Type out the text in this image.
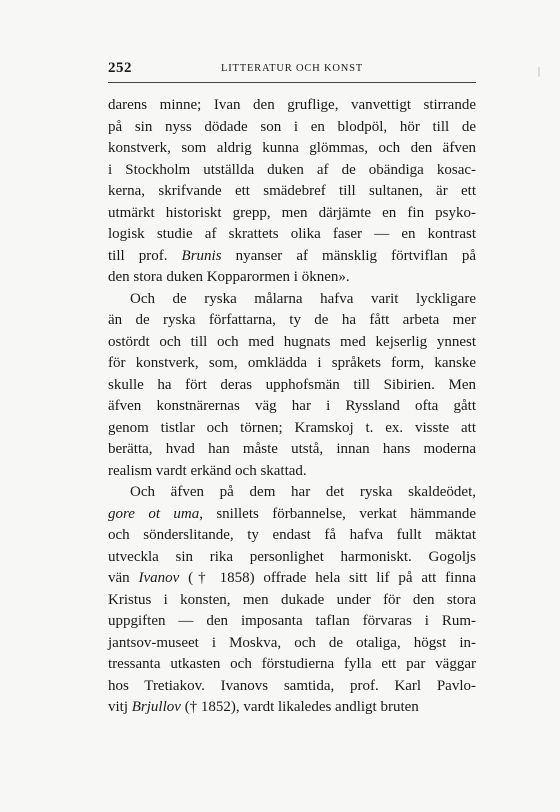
|
252	LITTERATUR OCH KONST
darens minne; Ivan den gruflige, vanvettigt stirrande
på sin nyss dödade son i en blodpöl, hör till de
konstverk, som aldrig kunna glömmas, och den äfven
i Stockholm utställda duken af de obändiga kosac-
kerna, skrifvande ett smädebref till sultanen, är ett
utmärkt historiskt grepp, men därjämte en fin psyko-
logisk studie af skrattets olika faser — en kontrast
till prof. Brunis nyanser af mänsklig förtviflan på
den stora duken Kopparormen i öknen».
Och de ryska målarna hafva varit lyckligare
än de ryska författarna, ty de ha fått arbeta mer
ostördt och till och med hugnats med kejserlig ynnest
för konstverk, som, omklädda i språkets form, kanske
skulle ha fört deras upphofsmän till Sibirien. Men
äfven konstnärernas väg har i Ryssland ofta gått
genom tistlar och törnen; Kramskoj t. ex. visste att
berätta, hvad han måste utstå, innan hans moderna
realism vardt erkänd och skattad.
Och äfven på dem har det ryska skaldeödet,
gore ot uma, snillets förbannelse, verkat hämmande
och sönderslitande, ty endast få hafva fullt mäktat
utveckla sin rika personlighet harmoniskt. Gogoljs
vän Ivanov († 1858) offrade hela sitt lif på att finna
Kristus i konsten, men dukade under för den stora
uppgiften — den imposanta taflan förvaras i Rum-
jantsov-museet i Moskva, och de otaliga, högst in-
tressanta utkasten och förstudierna fylla ett par väggar
hos Tretiakov. Ivanovs samtida, prof. Karl Pavlo-
vitj Brjullov († 1852), vardt likaledes andligt bruten
